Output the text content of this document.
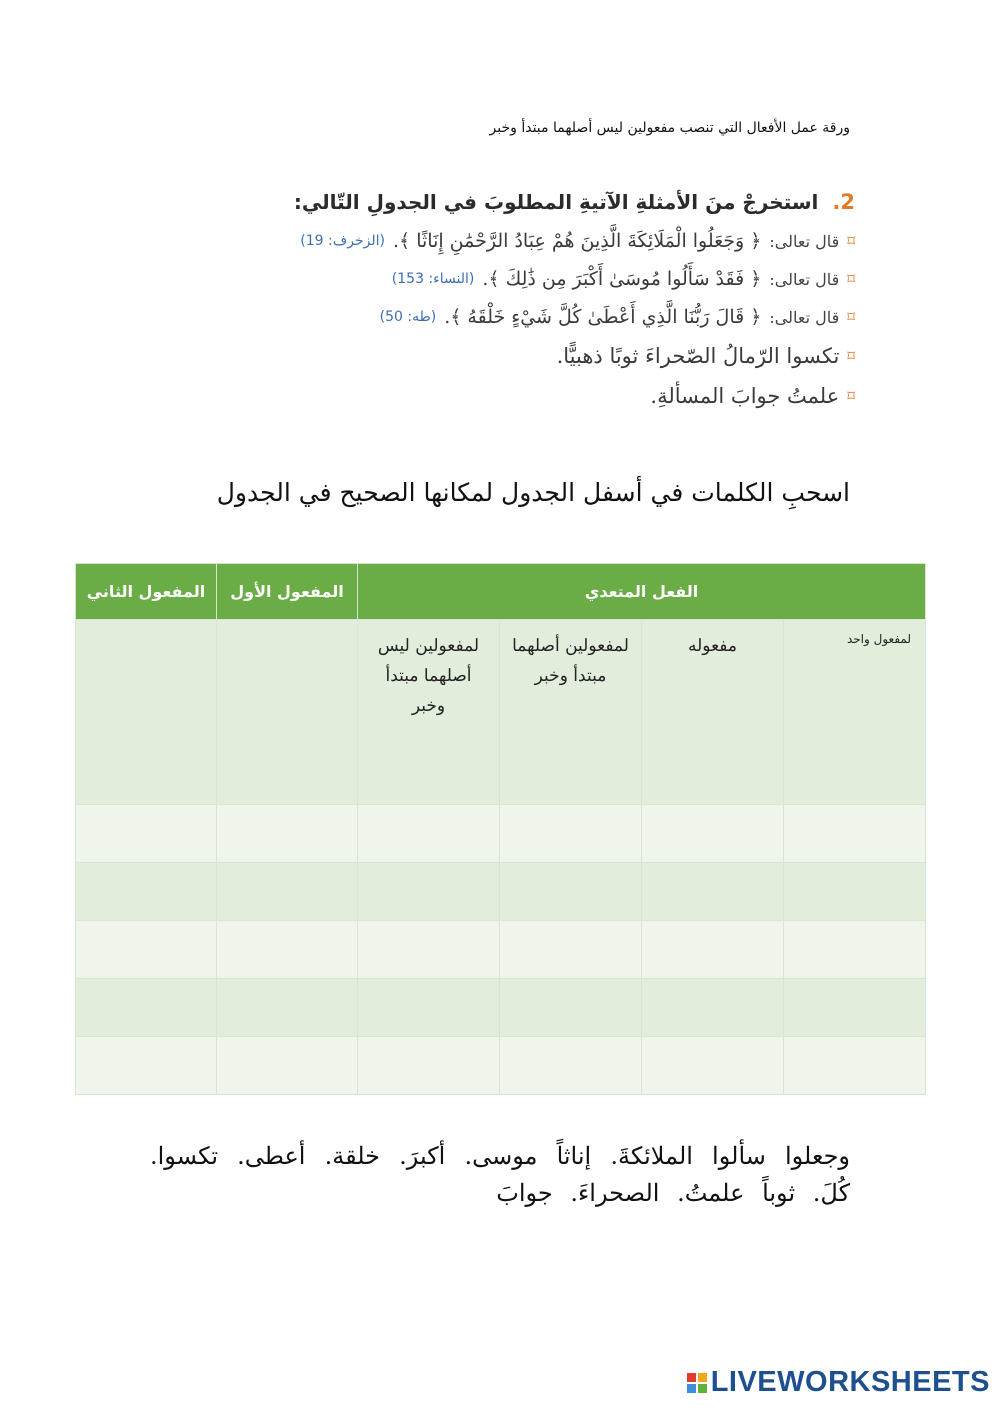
ورقة عمل الأفعال التي تنصب مفعولين ليس أصلهما مبتدأ وخبر
2.
استخرجْ منَ الأمثلةِ الآتيةِ المطلوبَ في الجدولِ التّالي:
⌑
قال تعالى:
﴿ وَجَعَلُوا الْمَلَائِكَةَ الَّذِينَ هُمْ عِبَادُ الرَّحْمَٰنِ إِنَاثًا ﴾.
(الزخرف: 19)
⌑
قال تعالى:
﴿ فَقَدْ سَأَلُوا مُوسَىٰ أَكْبَرَ مِن ذَٰلِكَ ﴾.
(النساء: 153)
⌑
قال تعالى:
﴿ قَالَ رَبُّنَا الَّذِي أَعْطَىٰ كُلَّ شَيْءٍ خَلْقَهُ ﴾.
(طه: 50)
⌑
تكسوا الرّمالُ الصّحراءَ ثوبًا ذهبيًّا.
⌑
علمتُ جوابَ المسألةِ.
اسحبِ الكلمات في أسفل الجدول لمكانها الصحيح في الجدول
الفعل المتعدي				المفعول الأول	المفعول الثاني

لمفعول واحد	مفعوله	لمفعولين أصلهما مبتدأ وخبر	لمفعولين ليس أصلهما مبتدأ وخبر		

وجعلوا سألوا الملائكةَ. إناثاً موسى. أكبرَ. خلقة. أعطى. تكسوا. كُلَ. ثوباً علمتُ. الصحراءَ. جوابَ
LIVEWORKSHEETS
